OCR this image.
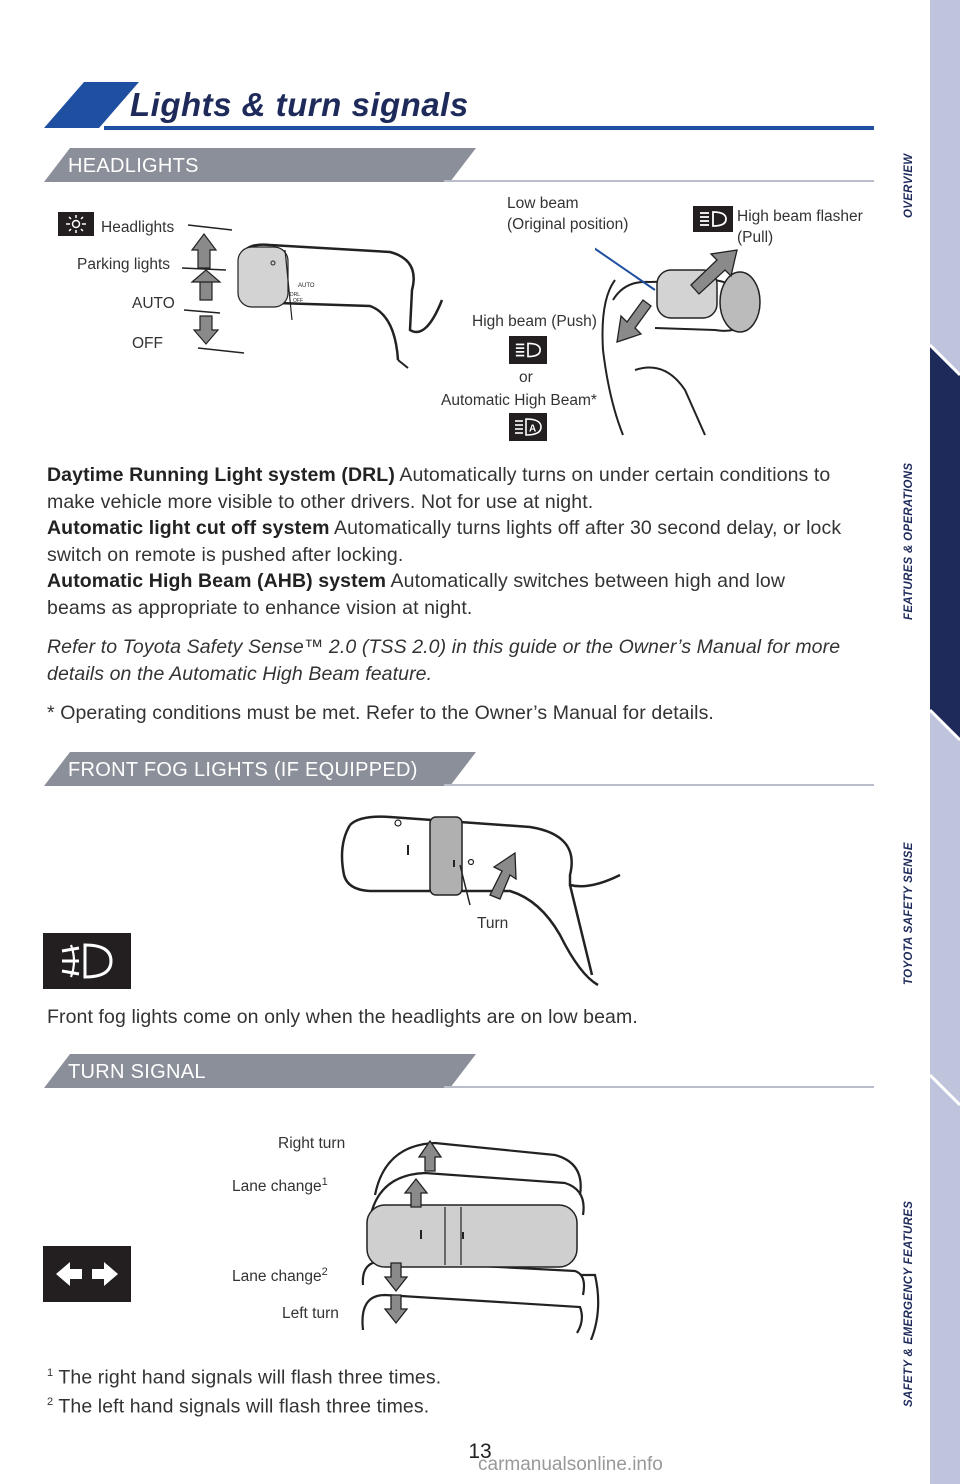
Lights & turn signals
HEADLIGHTS
Headlights
Parking lights
AUTO
OFF
AUTO
DRL
OFF
Low beam
(Original position)	High beam flasher
(Pull)
High beam (Push)
or
Automatic High Beam*
A
Daytime Running Light system (DRL) Automatically turns on under certain conditions to make vehicle more visible to other drivers. Not for use at night.
Automatic light cut off system Automatically turns lights off after 30 second delay, or lock switch on remote is pushed after locking.
Automatic High Beam (AHB) system Automatically switches between high and low beams as appropriate to enhance vision at night.
Refer to Toyota Safety Sense™ 2.0 (TSS 2.0) in this guide or the Owner’s Manual for more details on the Automatic High Beam feature.
* Operating conditions must be met. Refer to the Owner’s Manual for details.
FRONT FOG LIGHTS (IF EQUIPPED)
Turn
Front fog lights come on only when the headlights are on low beam.
TURN SIGNAL
Right turn
Lane change$^1$
Lane change$^2$
Left turn
$^1$ The right hand signals will flash three times.
$^2$ The left hand signals will flash three times.
OVERVIEW
FEATURES & OPERATIONS
TOYOTA SAFETY SENSE
SAFETY & EMERGENCY FEATURES
13
carmanualsonline.info
